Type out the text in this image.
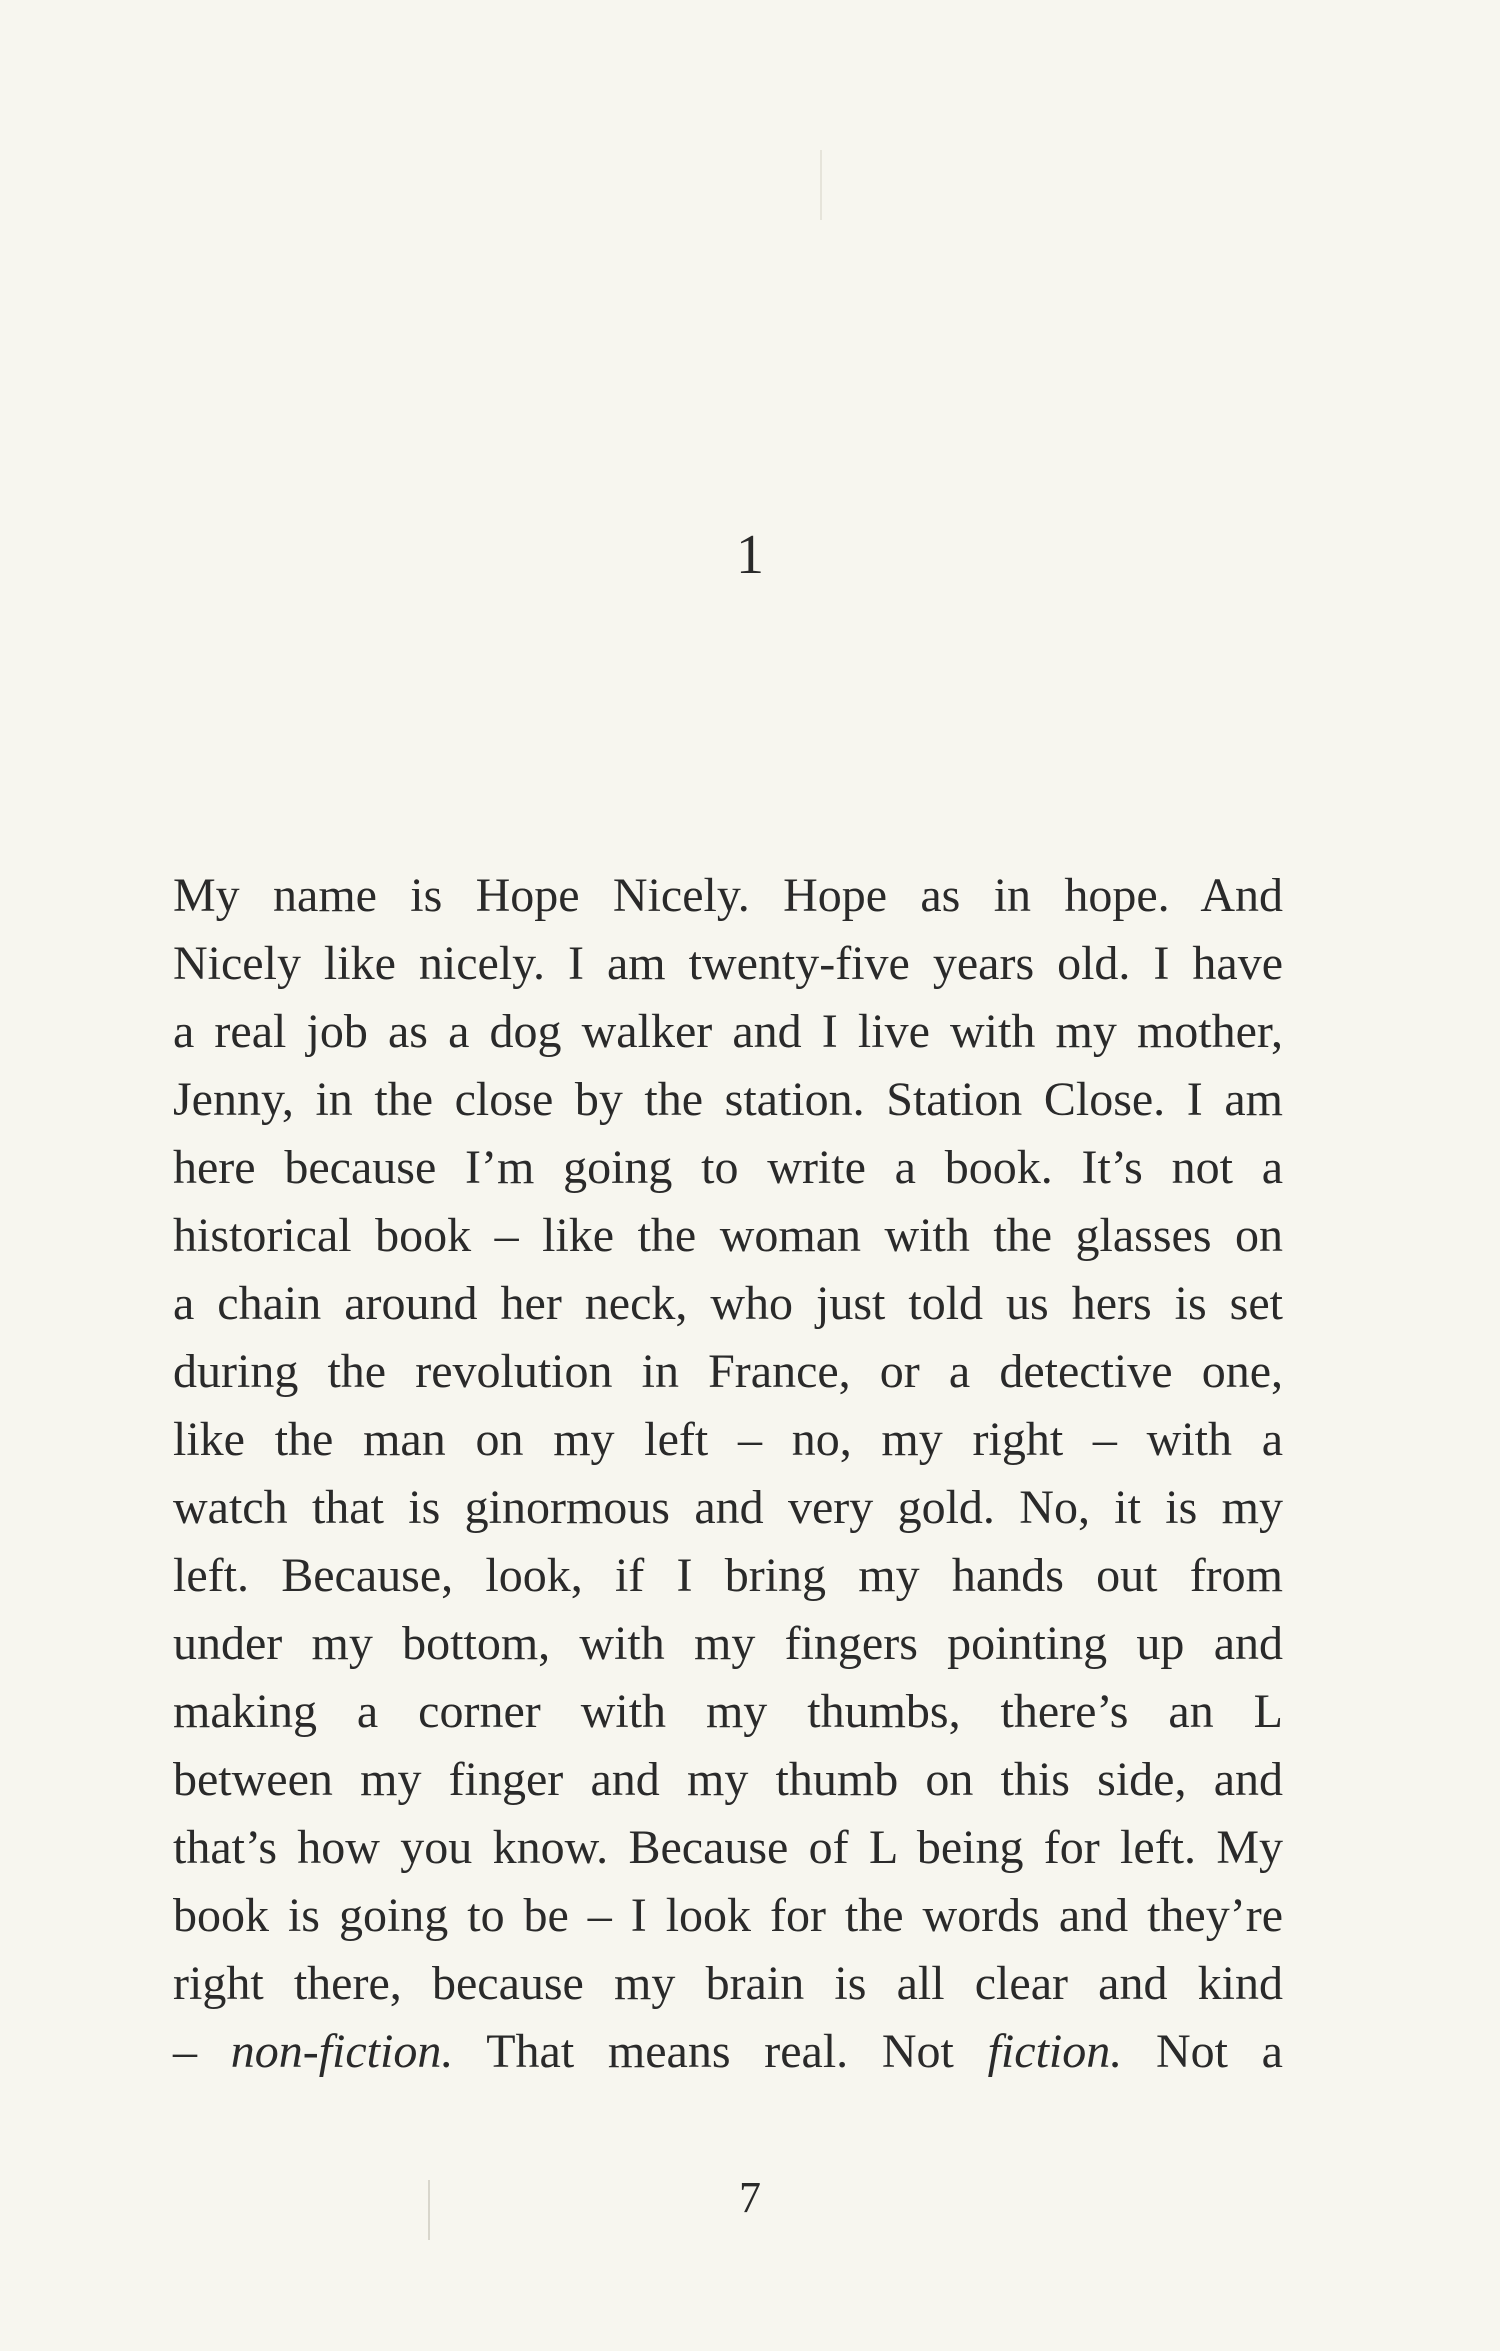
1
My name is Hope Nicely. Hope as in hope. And
Nicely like nicely. I am twenty-five years old. I have
a real job as a dog walker and I live with my mother,
Jenny, in the close by the station. Station Close. I am
here because I’m going to write a book. It’s not a
historical book – like the woman with the glasses on
a chain around her neck, who just told us hers is set
during the revolution in France, or a detective one,
like the man on my left – no, my right – with a
watch that is ginormous and very gold. No, it is my
left. Because, look, if I bring my hands out from
under my bottom, with my fingers pointing up and
making a corner with my thumbs, there’s an L
between my finger and my thumb on this side, and
that’s how you know. Because of L being for left. My
book is going to be – I look for the words and they’re
right there, because my brain is all clear and kind
– non-fiction. That means real. Not fiction. Not a
7
